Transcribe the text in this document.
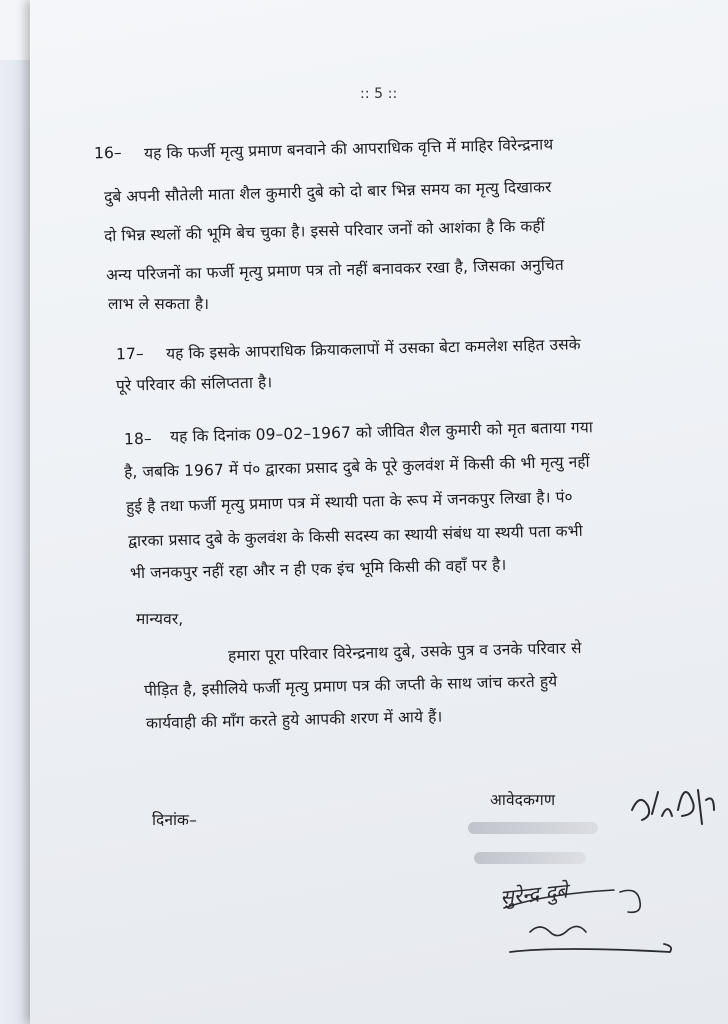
:: 5 ::
16– यह कि फर्जी मृत्यु प्रमाण बनवाने की आपराधिक वृत्ति में माहिर विरेन्द्रनाथ
दुबे अपनी सौतेली माता शैल कुमारी दुबे को दो बार भिन्न समय का मृत्यु दिखाकर
दो भिन्न स्थलों की भूमि बेच चुका है। इससे परिवार जनों को आशंका है कि कहीं
अन्य परिजनों का फर्जी मृत्यु प्रमाण पत्र तो नहीं बनावकर रखा है, जिसका अनुचित
लाभ ले सकता है।
17– यह कि इसके आपराधिक क्रियाकलापों में उसका बेटा कमलेश सहित उसके
पूरे परिवार की संलिप्तता है।
18– यह कि दिनांक 09–02–1967 को जीवित शैल कुमारी को मृत बताया गया
है, जबकि 1967 में पं० द्वारका प्रसाद दुबे के पूरे कुलवंश में किसी की भी मृत्यु नहीं
हुई है तथा फर्जी मृत्यु प्रमाण पत्र में स्थायी पता के रूप में जनकपुर लिखा है। पं०
द्वारका प्रसाद दुबे के कुलवंश के किसी सदस्य का स्थायी संबंध या स्थयी पता कभी
भी जनकपुर नहीं रहा और न ही एक इंच भूमि किसी की वहाँ पर है।
मान्यवर,
हमारा पूरा परिवार विरेन्द्रनाथ दुबे, उसके पुत्र व उनके परिवार से
पीड़ित है, इसीलिये फर्जी मृत्यु प्रमाण पत्र की जप्ती के साथ जांच करते हुये
कार्यवाही की माँग करते हुये आपकी शरण में आये हैं।
आवेदकगण
दिनांक–
सुरेन्द्र दुबे
